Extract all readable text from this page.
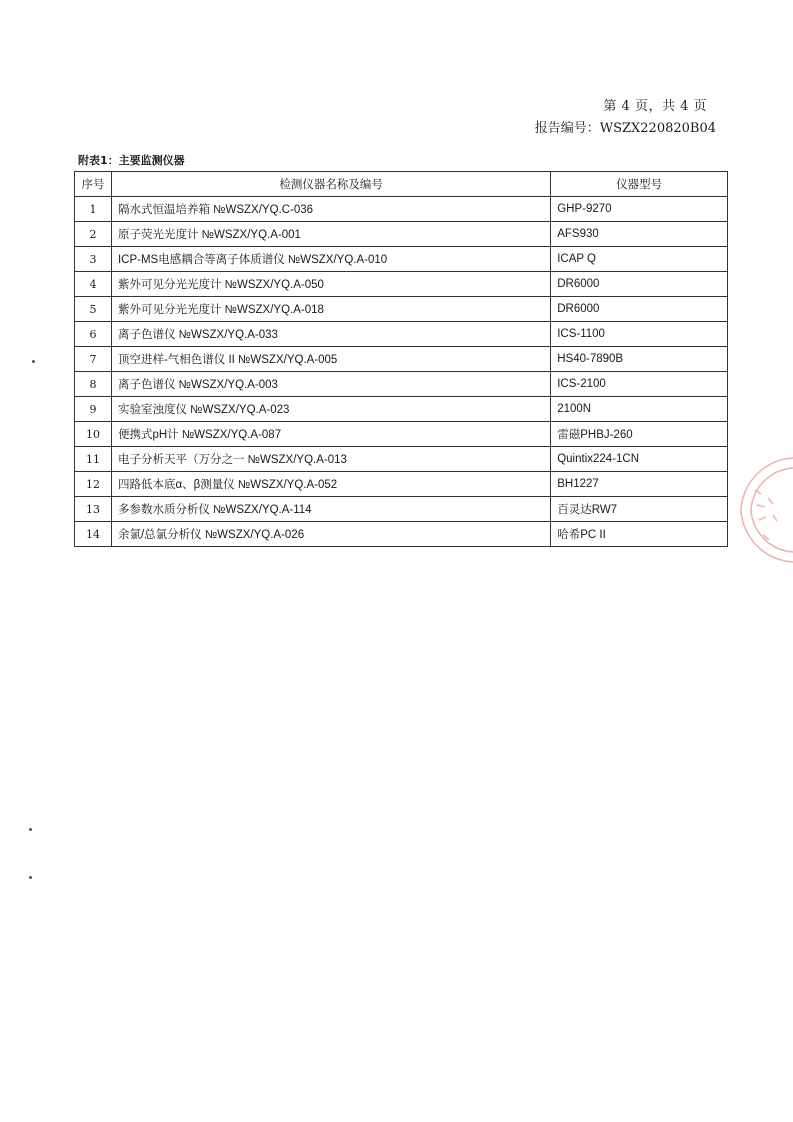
第 4 页，共 4 页
报告编号：WSZX220820B04
附表1：主要监测仪器
序号	检测仪器名称及编号	仪器型号
1	隔水式恒温培养箱 №WSZX/YQ.C-036	GHP-9270
2	原子荧光光度计 №WSZX/YQ.A-001	AFS930
3	ICP-MS电感耦合等离子体质谱仪 №WSZX/YQ.A-010	ICAP Q
4	紫外可见分光光度计 №WSZX/YQ.A-050	DR6000
5	紫外可见分光光度计 №WSZX/YQ.A-018	DR6000
6	离子色谱仪 №WSZX/YQ.A-033	ICS-1100
7	顶空进样-气相色谱仪 II №WSZX/YQ.A-005	HS40-7890B
8	离子色谱仪 №WSZX/YQ.A-003	ICS-2100
9	实验室浊度仪 №WSZX/YQ.A-023	2100N
10	便携式pH计 №WSZX/YQ.A-087	雷磁PHBJ-260
11	电子分析天平（万分之一 №WSZX/YQ.A-013	Quintix224-1CN
12	四路低本底α、β测量仪 №WSZX/YQ.A-052	BH1227
13	多参数水质分析仪 №WSZX/YQ.A-114	百灵达RW7
14	余氯/总氯分析仪 №WSZX/YQ.A-026	哈希PC II
